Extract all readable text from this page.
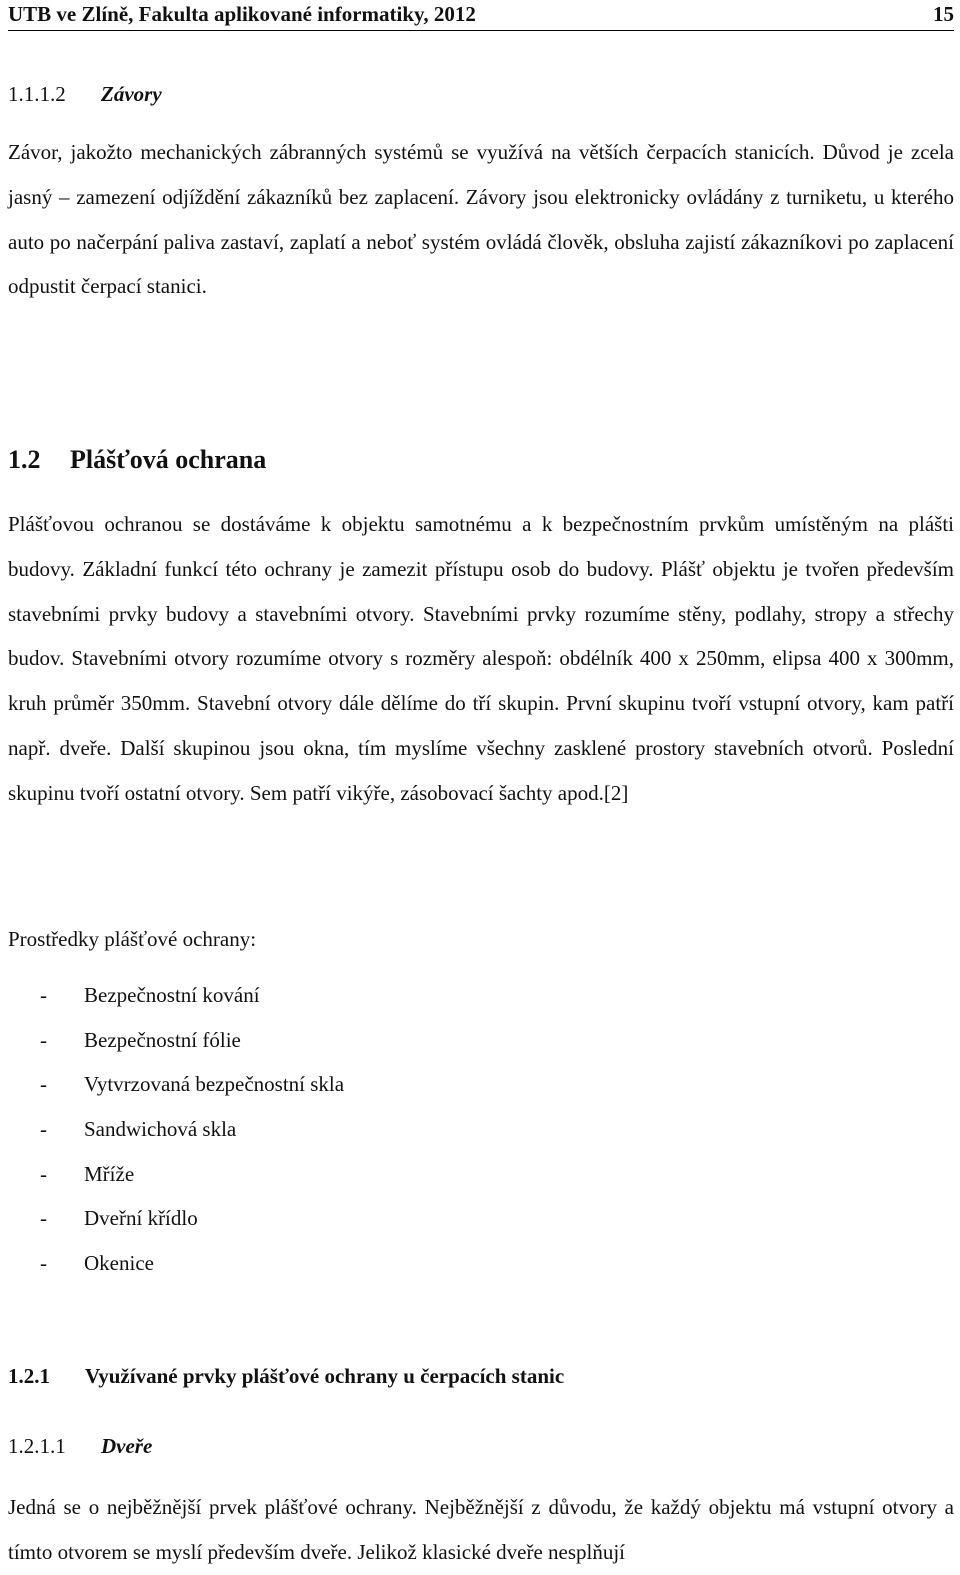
UTB ve Zlíně, Fakulta aplikované informatiky, 2012	15
1.1.1.2 Závory

Závor, jakožto mechanických zábranných systémů se využívá na větších čerpacích stanicích. Důvod je zcela jasný – zamezení odjíždění zákazníků bez zaplacení. Závory jsou elektronicky ovládány z turniketu, u kterého auto po načerpání paliva zastaví, zaplatí a neboť systém ovládá člověk, obsluha zajistí zákazníkovi po zaplacení odpustit čerpací stanici.

1.2 Plášťová ochrana

Plášťovou ochranou se dostáváme k objektu samotnému a k bezpečnostním prvkům umístěným na plášti budovy. Základní funkcí této ochrany je zamezit přístupu osob do budovy. Plášť objektu je tvořen především stavebními prvky budovy a stavebními otvory. Stavebními prvky rozumíme stěny, podlahy, stropy a střechy budov. Stavebními otvory rozumíme otvory s rozměry alespoň: obdélník 400 x 250mm, elipsa 400 x 300mm, kruh průměr 350mm. Stavební otvory dále dělíme do tří skupin. První skupinu tvoří vstupní otvory, kam patří např. dveře. Další skupinou jsou okna, tím myslíme všechny zasklené prostory stavebních otvorů. Poslední skupinu tvoří ostatní otvory. Sem patří vikýře, zásobovací šachty apod.[2]

Prostředky plášťové ochrany:

- Bezpečnostní kování
- Bezpečnostní fólie
- Vytvrzovaná bezpečnostní skla
- Sandwichová skla
- Mříže
- Dveřní křídlo
- Okenice
1.2.1 Využívané prvky plášťové ochrany u čerpacích stanic
1.2.1.1 Dveře

Jedná se o nejběžnější prvek plášťové ochrany. Nejběžnější z důvodu, že každý objektu má vstupní otvory a tímto otvorem se myslí především dveře. Jelikož klasické dveře nesplňují
